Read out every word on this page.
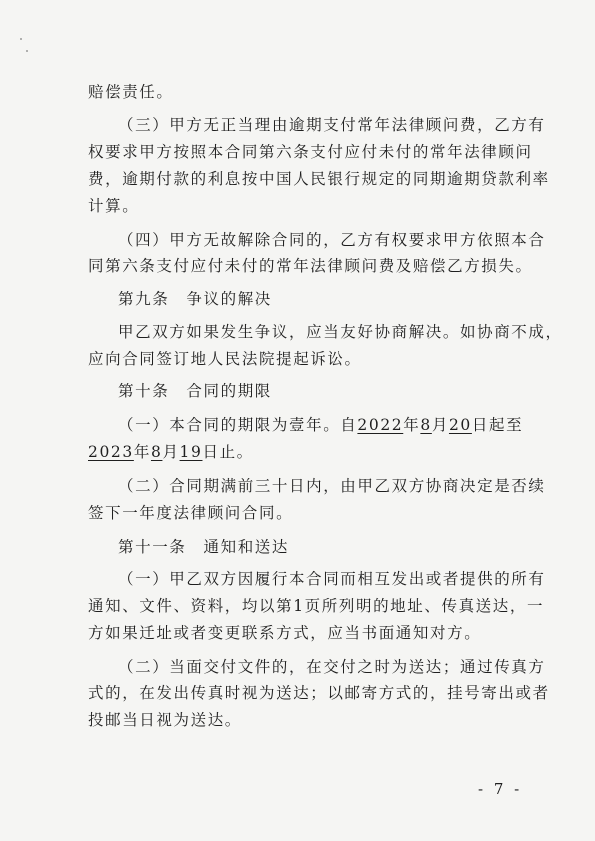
赔偿责任。
（三）甲方无正当理由逾期支付常年法律顾问费，乙方有
权要求甲方按照本合同第六条支付应付未付的常年法律顾问
费，逾期付款的利息按中国人民银行规定的同期逾期贷款利率
计算。
（四）甲方无故解除合同的，乙方有权要求甲方依照本合
同第六条支付应付未付的常年法律顾问费及赔偿乙方损失。
第九条　争议的解决
甲乙双方如果发生争议，应当友好协商解决。如协商不成，
应向合同签订地人民法院提起诉讼。
第十条　合同的期限
（一）本合同的期限为壹年。自2022年8月20日起至
2023年8月19日止。
（二）合同期满前三十日内，由甲乙双方协商决定是否续
签下一年度法律顾问合同。
第十一条　通知和送达
（一）甲乙双方因履行本合同而相互发出或者提供的所有
通知、文件、资料，均以第1页所列明的地址、传真送达，一
方如果迁址或者变更联系方式，应当书面通知对方。
（二）当面交付文件的，在交付之时为送达；通过传真方
式的，在发出传真时视为送达；以邮寄方式的，挂号寄出或者
投邮当日视为送达。
- 7 -
